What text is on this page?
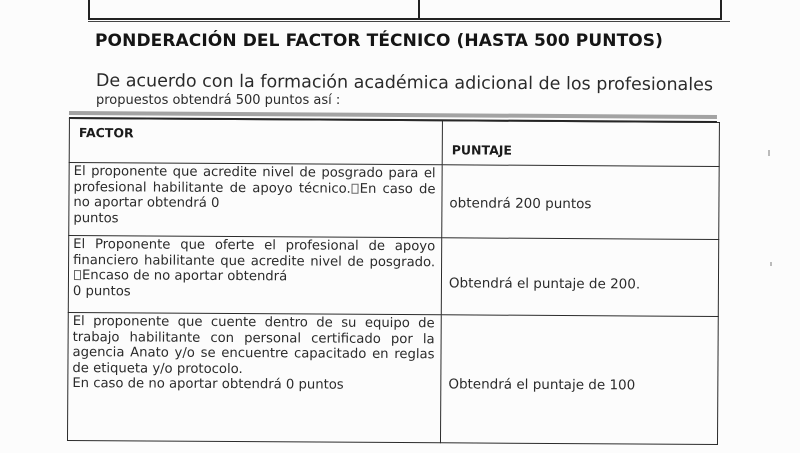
PONDERACIÓN DEL FACTOR TÉCNICO (HASTA 500 PUNTOS)
De acuerdo con la formación académica adicional de los profesionales
propuestos obtendrá 500 puntos así :
FACTOR	PUNTAJE

El proponente que acredite nivel de posgrado para el profesional habilitante de apoyo técnico. En caso de no aportar obtendrá 0
puntos	obtendrá 200 puntos

El Proponente que oferte el profesional de apoyo financiero habilitante que acredite nivel de posgrado.Encaso de no aportar obtendrá
0 puntos	Obtendrá el puntaje de 200.

El proponente que cuente dentro de su equipo de trabajo habilitante con personal certificado por la agencia Anato y/o se encuentre capacitado en reglas de etiqueta y/o protocolo.
En caso de no aportar obtendrá 0 puntos	Obtendrá el puntaje de 100
